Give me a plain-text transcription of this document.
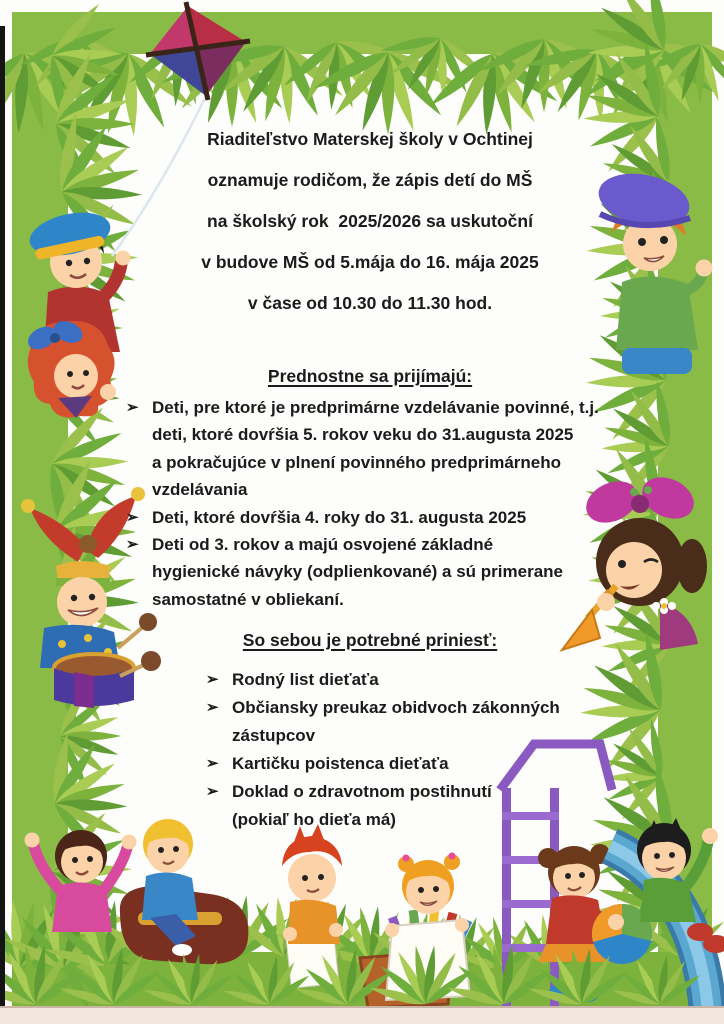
Riaditeľstvo Materskej školy v Ochtinej
oznamuje rodičom, že zápis detí do MŠ
na školský rok  2025/2026 sa uskutoční
v budove MŠ od 5.mája do 16. mája 2025
v čase od 10.30 do 11.30 hod.
Prednostne sa prijímajú:
➢ Deti, pre ktoré je predprimárne vzdelávanie povinné, t.j.
deti, ktoré dovŕšia 5. rokov veku do 31.augusta 2025
a pokračujúce v plnení povinného predprimárneho
vzdelávania
➢ Deti, ktoré dovŕšia 4. roky do 31. augusta 2025
➢ Deti od 3. rokov a majú osvojené základné
hygienické návyky (odplienkované) a sú primerane
samostatné v obliekaní.
So sebou je potrebné priniesť:
➢ Rodný list dieťaťa
➢ Občiansky preukaz obidvoch zákonných
zástupcov
➢ Kartičku poistenca dieťaťa
➢ Doklad o zdravotnom postihnutí
(pokiaľ ho dieťa má)
